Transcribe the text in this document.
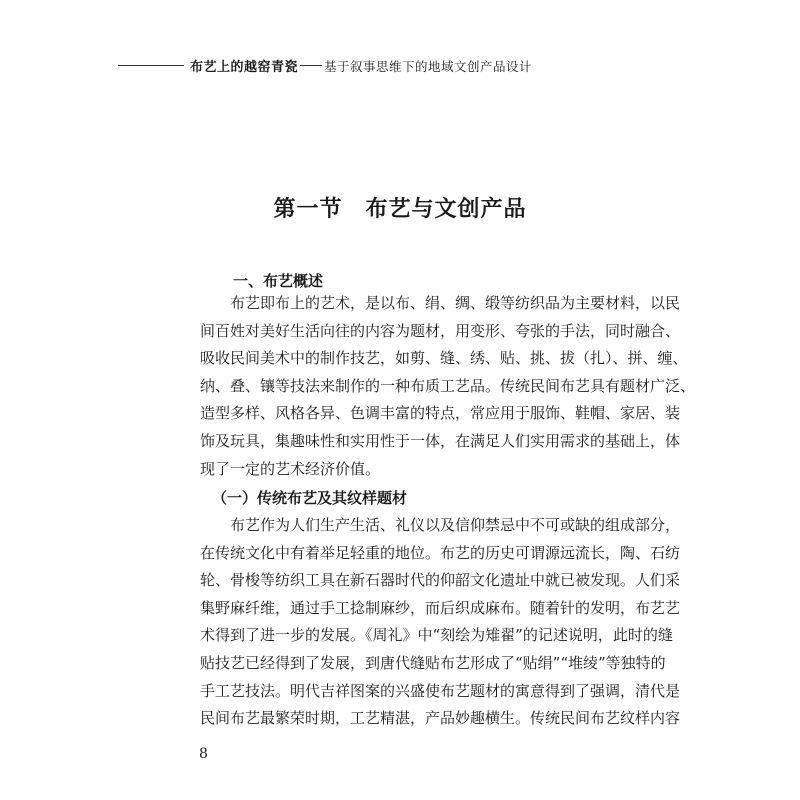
布艺上的越窑青瓷 基于叙事思维下的地域文创产品设计
第一节　布艺与文创产品
一、布艺概述
布艺即布上的艺术，是以布、绢、绸、缎等纺织品为主要材料，以民
间百姓对美好生活向往的内容为题材，用变形、夸张的手法，同时融合、
吸收民间美术中的制作技艺，如剪、缝、绣、贴、挑、拔（扎）、拼、缠、
纳、叠、镶等技法来制作的一种布质工艺品。传统民间布艺具有题材广泛、
造型多样、风格各异、色调丰富的特点，常应用于服饰、鞋帽、家居、装
饰及玩具，集趣味性和实用性于一体，在满足人们实用需求的基础上，体
现了一定的艺术经济价值。
（一）传统布艺及其纹样题材
布艺作为人们生产生活、礼仪以及信仰禁忌中不可或缺的组成部分，
在传统文化中有着举足轻重的地位。布艺的历史可谓源远流长，陶、石纺
轮、骨梭等纺织工具在新石器时代的仰韶文化遗址中就已被发现。人们采
集野麻纤维，通过手工捻制麻纱，而后织成麻布。随着针的发明，布艺艺
术得到了进一步的发展。《周礼》中“刻绘为雉翟”的记述说明，此时的缝
贴技艺已经得到了发展，到唐代缝贴布艺形成了“贴绢”“堆绫”等独特的
手工艺技法。明代吉祥图案的兴盛使布艺题材的寓意得到了强调，清代是
民间布艺最繁荣时期，工艺精湛，产品妙趣横生。传统民间布艺纹样内容
8
